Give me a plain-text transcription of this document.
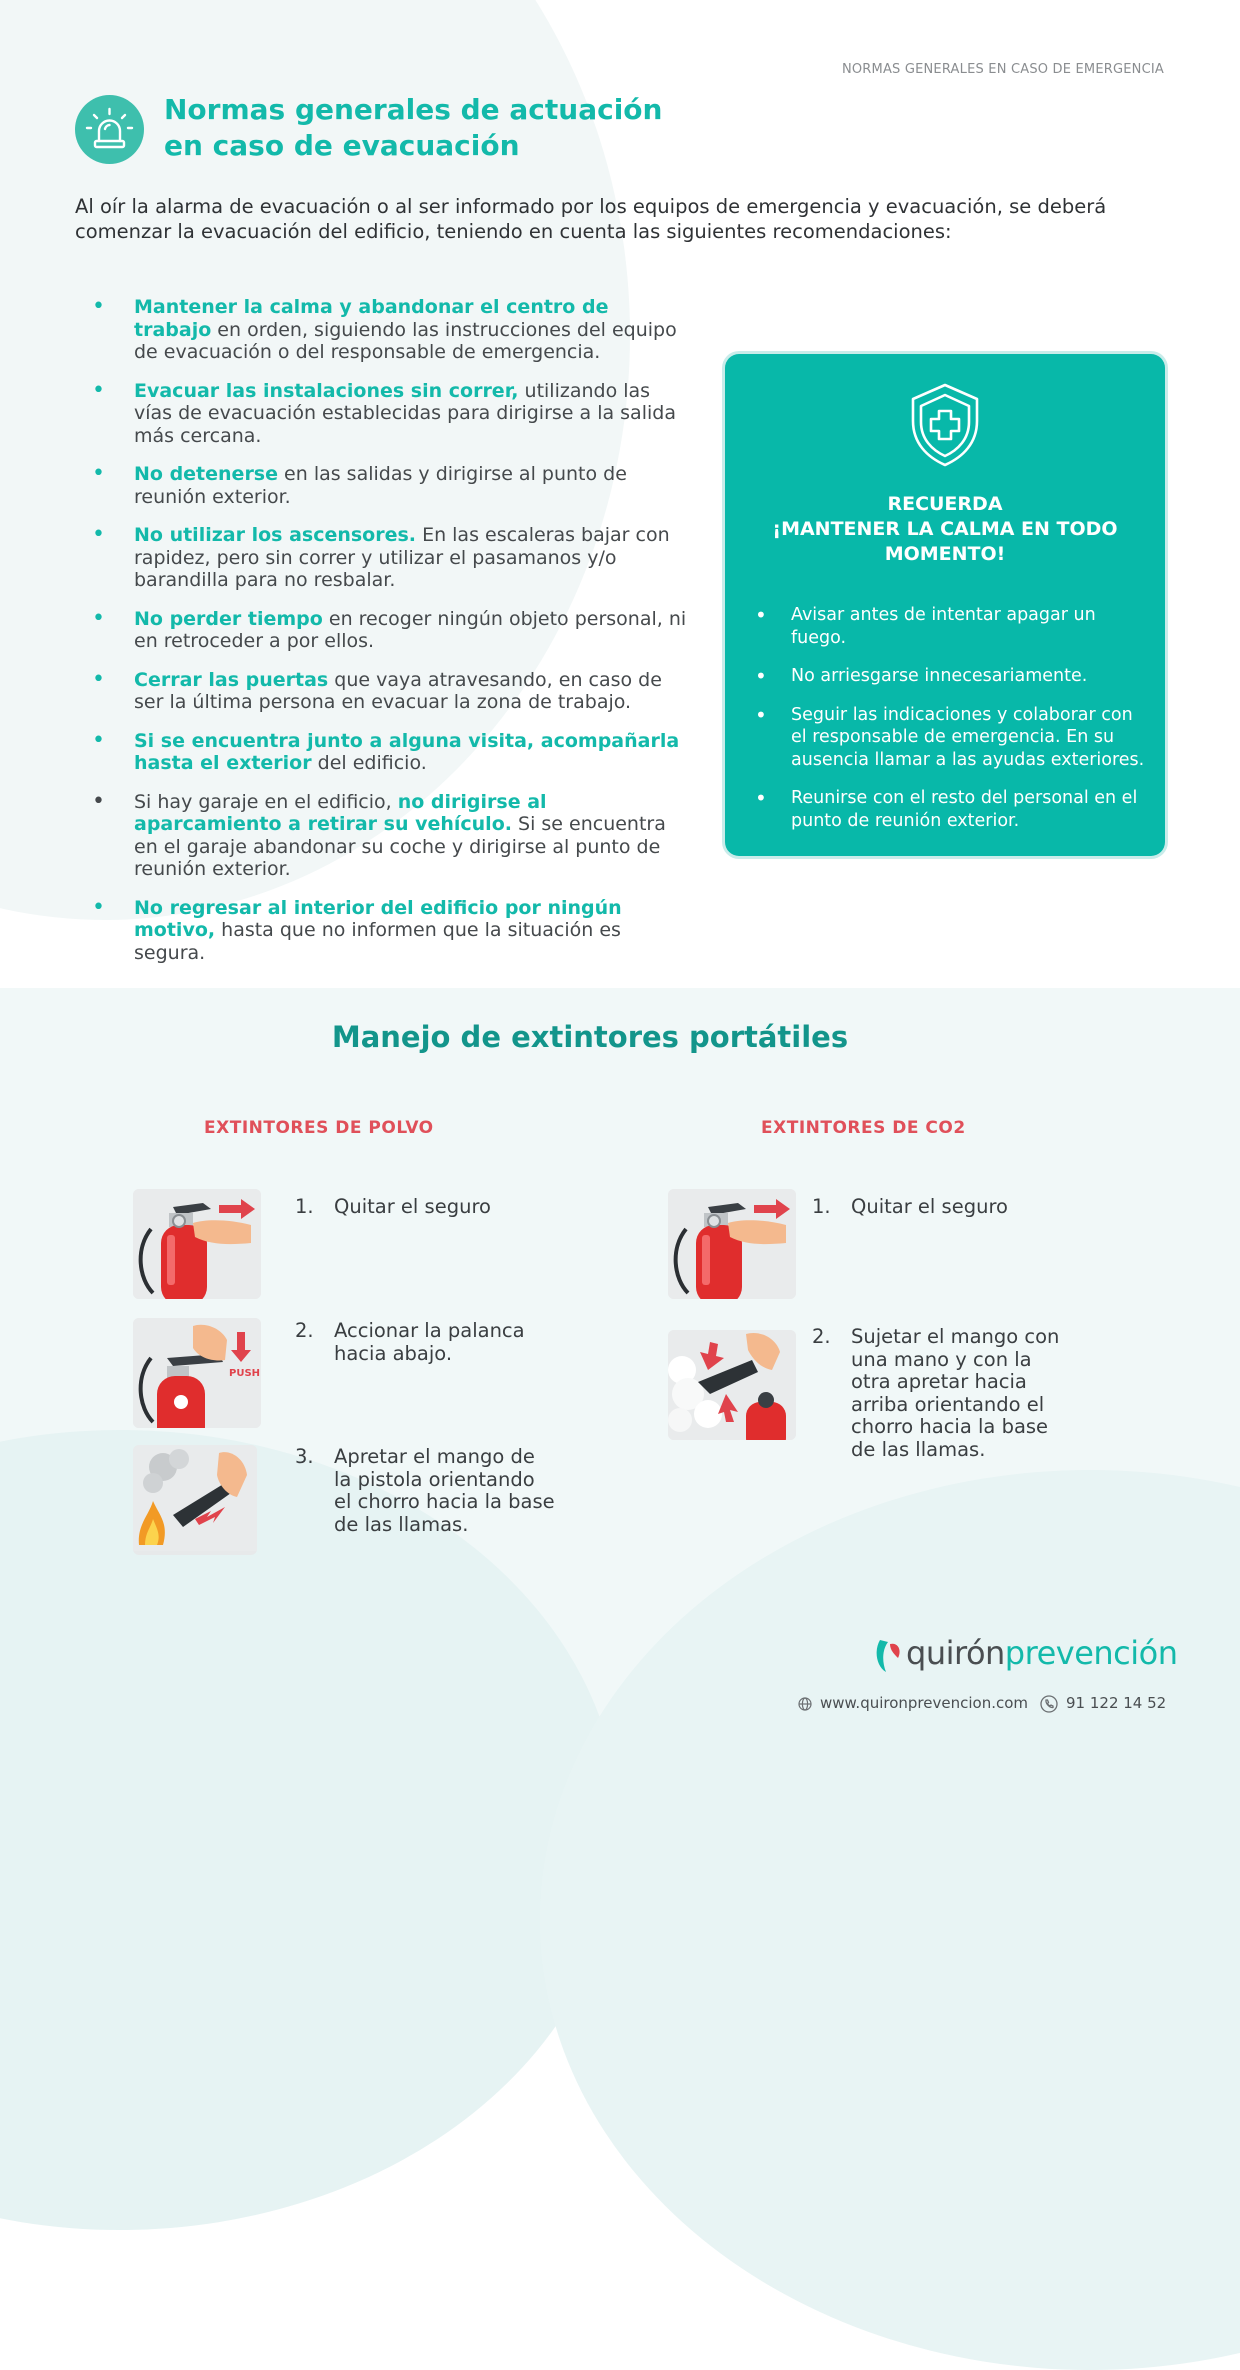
NORMAS GENERALES EN CASO DE EMERGENCIA
Normas generales de actuación
en caso de evacuación

Al oír la alarma de evacuación o al ser informado por los equipos de emergencia y evacuación, se deberá comenzar la evacuación del edificio, teniendo en cuenta las siguientes recomendaciones:

• Mantener la calma y abandonar el centro de trabajo en orden, siguiendo las instrucciones del equipo de evacuación o del responsable de emergencia.
• Evacuar las instalaciones sin correr, utilizando las vías de evacuación establecidas para dirigirse a la salida más cercana.
• No detenerse en las salidas y dirigirse al punto de reunión exterior.
• No utilizar los ascensores. En las escaleras bajar con rapidez, pero sin correr y utilizar el pasamanos y/o barandilla para no resbalar.
• No perder tiempo en recoger ningún objeto personal, ni en retroceder a por ellos.
• Cerrar las puertas que vaya atravesando, en caso de ser la última persona en evacuar la zona de trabajo.
• Si se encuentra junto a alguna visita, acompañarla hasta el exterior del edificio.
• Si hay garaje en el edificio, no dirigirse al aparcamiento a retirar su vehículo. Si se encuentra en el garaje abandonar su coche y dirigirse al punto de reunión exterior.
• No regresar al interior del edificio por ningún motivo, hasta que no informen que la situación es segura.
RECUERDA
¡MANTENER LA CALMA EN TODO
MOMENTO!
• Avisar antes de intentar apagar un fuego.
• No arriesgarse innecesariamente.
• Seguir las indicaciones y colaborar con el responsable de emergencia. En su ausencia llamar a las ayudas exteriores.
• Reunirse con el resto del personal en el punto de reunión exterior.
Manejo de extintores portátiles
EXTINTORES DE POLVO	EXTINTORES DE CO2
1.	Quitar el seguro
PUSH
2.	Accionar la palanca hacia abajo.
3.	Apretar el mango de la pistola orientando el chorro hacia la base de las llamas.
1.	Quitar el seguro
2.	Sujetar el mango con una mano y con la otra apretar hacia arriba orientando el chorro hacia la base de las llamas.
quirónprevención
www.quironprevencion.com	91 122 14 52
